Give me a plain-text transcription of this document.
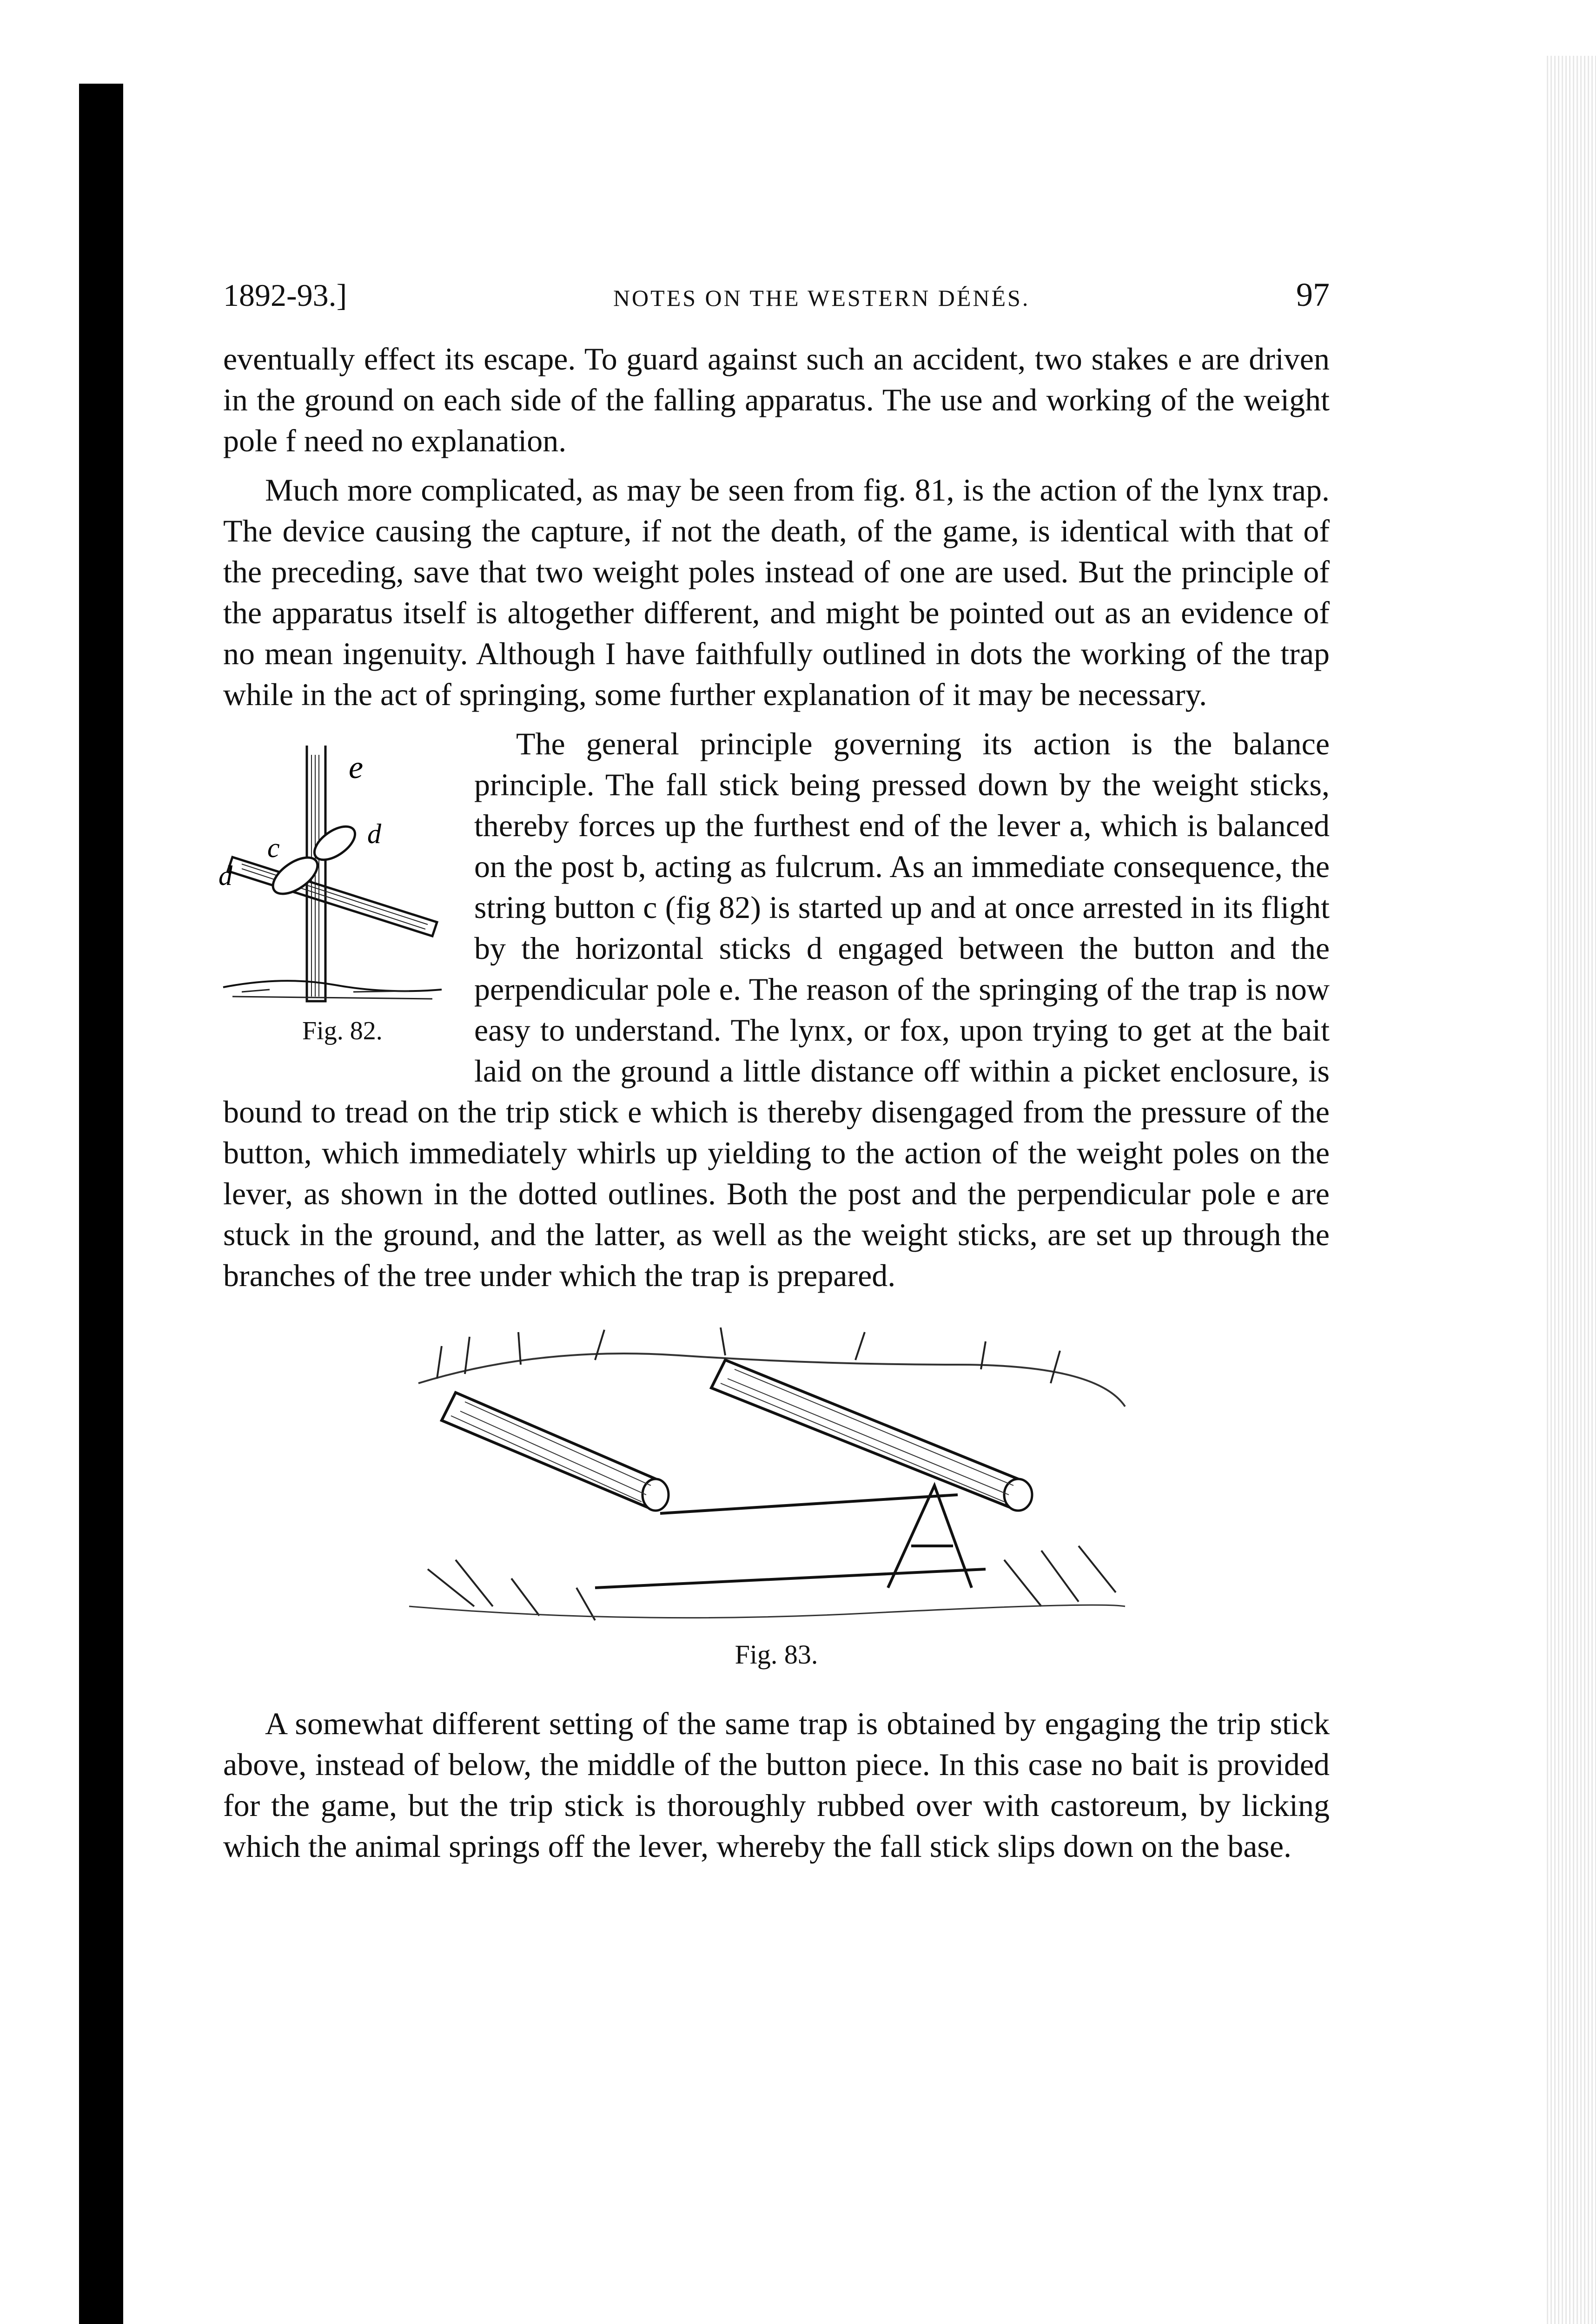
1892-93.]	NOTES ON THE WESTERN DÉNÉS.	97

eventually effect its escape. To guard against such an accident, two stakes e are driven in the ground on each side of the falling apparatus. The use and working of the weight pole f need no explanation.

Much more complicated, as may be seen from fig. 81, is the action of the lynx trap. The device causing the capture, if not the death, of the game, is identical with that of the preceding, save that two weight poles instead of one are used. But the principle of the apparatus itself is altogether different, and might be pointed out as an evidence of no mean ingenuity. Although I have faithfully outlined in dots the working of the trap while in the act of springing, some further explanation of it may be necessary.

e
c
d
d
Fig. 82.

The general principle governing its action is the balance principle. The fall stick being pressed down by the weight sticks, thereby forces up the furthest end of the lever a, which is balanced on the post b, acting as fulcrum. As an immediate consequence, the string button c (fig 82) is started up and at once arrested in its flight by the horizontal sticks d engaged between the button and the perpendicular pole e. The reason of the springing of the trap is now easy to understand. The lynx, or fox, upon trying to get at the bait laid on the ground a little distance off within a picket enclosure, is bound to tread on the trip stick e which is thereby disengaged from the pressure of the button, which immediately whirls up yielding to the action of the weight poles on the lever, as shown in the dotted outlines. Both the post and the perpendicular pole e are stuck in the ground, and the latter, as well as the weight sticks, are set up through the branches of the tree under which the trap is prepared.

Fig. 83.

A somewhat different setting of the same trap is obtained by engaging the trip stick above, instead of below, the middle of the button piece. In this case no bait is provided for the game, but the trip stick is thoroughly rubbed over with castoreum, by licking which the animal springs off the lever, whereby the fall stick slips down on the base.
